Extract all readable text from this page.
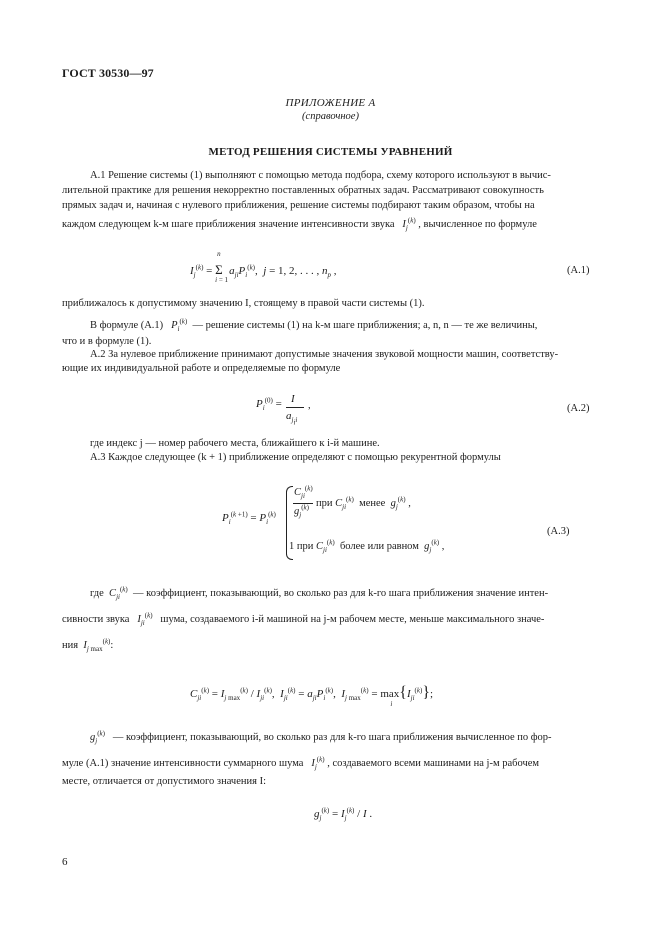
ГОСТ 30530—97
ПРИЛОЖЕНИЕ А
(справочное)
МЕТОД РЕШЕНИЯ СИСТЕМЫ УРАВНЕНИЙ
А.1 Решение системы (1) выполняют с помощью метода подбора, схему которого используют в вычис-
лительной практике для решения некорректно поставленных обратных задач. Рассматривают совокупность
прямых задач и, начиная с нулевого приближения, решение системы подбирают таким образом, чтобы на
каждом следующем k-м шаге приближения значение интенсивности звука $I_j^{(k)}$ , вычисленное по формуле
$I_j^{(k)}$ =
n
Σ
i = 1
$a_{ji}P_i^{(k)}$,  j = 1, 2, . . . , $n_p$ ,	(А.1)
приближалось к допустимому значению I, стоящему в правой части системы (1).
В формуле (А.1) $P_i^{(k)}$ — решение системы (1) на k-м шаге приближения; a, n, n — те же величины,
что и в формуле (1).
А.2 За нулевое приближение принимают допустимые значения звуковой мощности машин, соответству-
ющие их индивидуальной работе и определяемые по формуле
$P_i^{(0)} = I$
$a_{j_ii}$
,	(А.2)
где индекс j — номер рабочего места, ближайшего к i-й машине.
А.3 Каждое следующее (k + 1) приближение определяют с помощью рекурентной формулы
$P_i^{(k +1)} = P_i^{(k)}$
$C_{ji}^{(k)}$
$g_j^{(k)}$ при $C_{ji}^{(k)}$ менее $g_j^{(k)}$ ,
1 при $C_{ji}^{(k)}$ более или равном $g_j^{(k)}$ ,
(А.3)
где $C_{ji}^{(k)}$ — коэффициент, показывающий, во сколько раз для k-го шага приближения значение интен-
сивности звука $I_{ji}^{(k)}$ шума, создаваемого i-й машиной на j-м рабочем месте, меньше максимального значе-
ния $I_{j max}^{(k)}$:
$C_{ji}^{(k)} = I_{j max}^{(k)} / I_{ji}^{(k)}$,  $I_{ji}^{(k)} = a_{ji}P_i^{(k)}$,  $I_{j max}^{(k)} = \max$
i
$\{I_{ji}^{(k)}\}$;
$g_j^{(k)}$ — коэффициент, показывающий, во сколько раз для k-го шага приближения вычисленное по фор-
муле (А.1) значение интенсивности суммарного шума $I_j^{(k)}$ , создаваемого всеми машинами на j-м рабочем
месте, отличается от допустимого значения I:
$g_j^{(k)} = I_j^{(k)} / I$ .
6
